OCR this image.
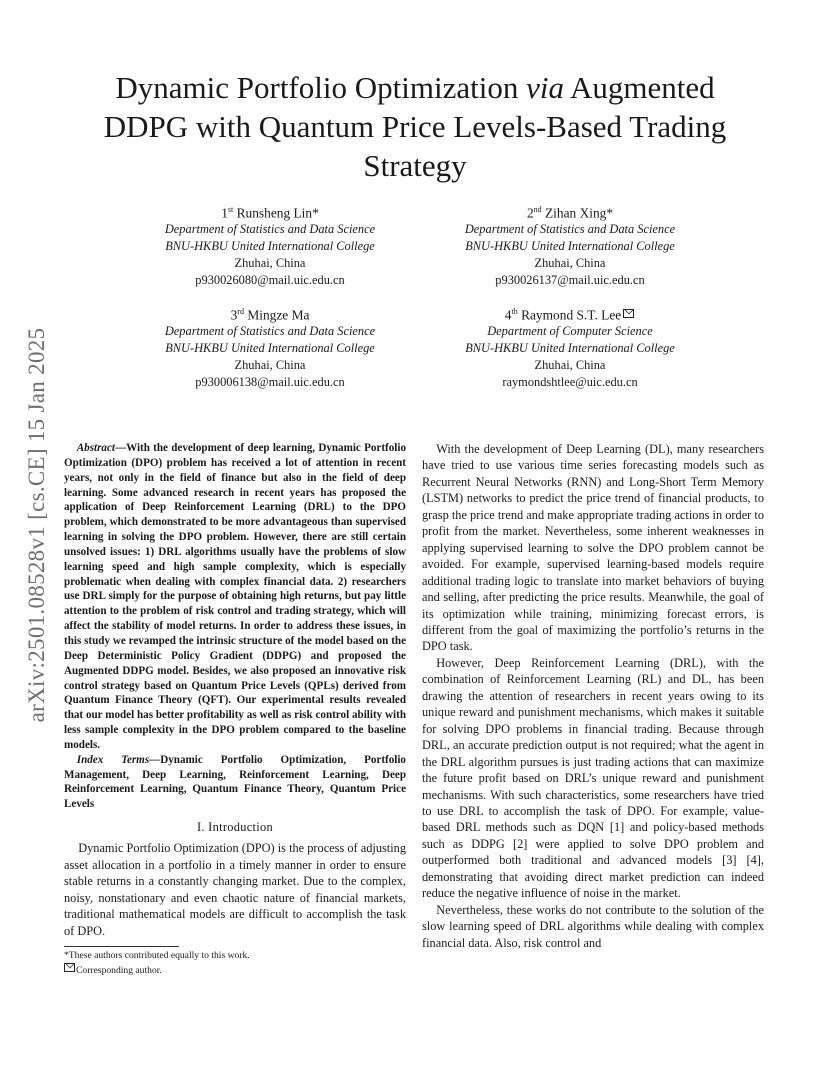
arXiv:2501.08528v1 [cs.CE] 15 Jan 2025
Dynamic Portfolio Optimization via Augmented DDPG with Quantum Price Levels-Based Trading Strategy
1st Runsheng Lin*
Department of Statistics and Data Science
BNU-HKBU United International College
Zhuhai, China
p930026080@mail.uic.edu.cn
2nd Zihan Xing*
Department of Statistics and Data Science
BNU-HKBU United International College
Zhuhai, China
p930026137@mail.uic.edu.cn
3rd Mingze Ma
Department of Statistics and Data Science
BNU-HKBU United International College
Zhuhai, China
p930006138@mail.uic.edu.cn
4th Raymond S.T. Lee
Department of Computer Science
BNU-HKBU United International College
Zhuhai, China
raymondshtlee@uic.edu.cn

Abstract—With the development of deep learning, Dynamic Portfolio Optimization (DPO) problem has received a lot of attention in recent years, not only in the field of finance but also in the field of deep learning. Some advanced research in recent years has proposed the application of Deep Reinforcement Learning (DRL) to the DPO problem, which demonstrated to be more advantageous than supervised learning in solving the DPO problem. However, there are still certain unsolved issues: 1) DRL algorithms usually have the problems of slow learning speed and high sample complexity, which is especially problematic when dealing with complex financial data. 2) researchers use DRL simply for the purpose of obtaining high returns, but pay little attention to the problem of risk control and trading strategy, which will affect the stability of model returns. In order to address these issues, in this study we revamped the intrinsic structure of the model based on the Deep Deterministic Policy Gradient (DDPG) and proposed the Augmented DDPG model. Besides, we also proposed an innovative risk control strategy based on Quantum Price Levels (QPLs) derived from Quantum Finance Theory (QFT). Our experimental results revealed that our model has better profitability as well as risk control ability with less sample complexity in the DPO problem compared to the baseline models.

Index Terms—Dynamic Portfolio Optimization, Portfolio Management, Deep Learning, Reinforcement Learning, Deep Reinforcement Learning, Quantum Finance Theory, Quantum Price Levels

I. Introduction

Dynamic Portfolio Optimization (DPO) is the process of adjusting asset allocation in a portfolio in a timely manner in order to ensure stable returns in a constantly changing market. Due to the complex, noisy, nonstationary and even chaotic nature of financial markets, traditional mathematical models are difficult to accomplish the task of DPO.

With the development of Deep Learning (DL), many researchers have tried to use various time series forecasting models such as Recurrent Neural Networks (RNN) and Long-Short Term Memory (LSTM) networks to predict the price trend of financial products, to grasp the price trend and make appropriate trading actions in order to profit from the market. Nevertheless, some inherent weaknesses in applying supervised learning to solve the DPO problem cannot be avoided. For example, supervised learning-based models require additional trading logic to translate into market behaviors of buying and selling, after predicting the price results. Meanwhile, the goal of its optimization while training, minimizing forecast errors, is different from the goal of maximizing the portfolio’s returns in the DPO task.

However, Deep Reinforcement Learning (DRL), with the combination of Reinforcement Learning (RL) and DL, has been drawing the attention of researchers in recent years owing to its unique reward and punishment mechanisms, which makes it suitable for solving DPO problems in financial trading. Because through DRL, an accurate prediction output is not required; what the agent in the DRL algorithm pursues is just trading actions that can maximize the future profit based on DRL’s unique reward and punishment mechanisms. With such characteristics, some researchers have tried to use DRL to accomplish the task of DPO. For example, value-based DRL methods such as DQN [1] and policy-based methods such as DDPG [2] were applied to solve DPO problem and outperformed both traditional and advanced models [3] [4], demonstrating that avoiding direct market prediction can indeed reduce the negative influence of noise in the market.

Nevertheless, these works do not contribute to the solution of the slow learning speed of DRL algorithms while dealing with complex financial data. Also, risk control and

*These authors contributed equally to this work.
Corresponding author.
